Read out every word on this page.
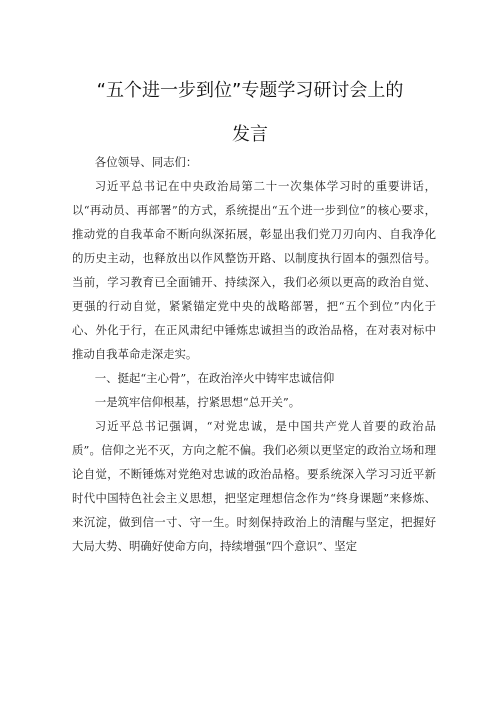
“五个进一步到位”专题学习研讨会上的
发言

各位领导、同志们：

习近平总书记在中央政治局第二十一次集体学习时的重要讲话，以“再动员、再部署”的方式，系统提出“五个进一步到位”的核心要求，推动党的自我革命不断向纵深拓展，彰显出我们党刀刃向内、自我净化的历史主动，也释放出以作风整饬开路、以制度执行固本的强烈信号。当前，学习教育已全面铺开、持续深入，我们必须以更高的政治自觉、更强的行动自觉，紧紧锚定党中央的战略部署，把“五个到位”内化于心、外化于行，在正风肃纪中锤炼忠诚担当的政治品格，在对表对标中推动自我革命走深走实。

一、挺起“主心骨”，在政治淬火中铸牢忠诚信仰

一是筑牢信仰根基，拧紧思想“总开关”。

习近平总书记强调，“对党忠诚，是中国共产党人首要的政治品质”。信仰之光不灭，方向之舵不偏。我们必须以更坚定的政治立场和理论自觉，不断锤炼对党绝对忠诚的政治品格。要系统深入学习习近平新时代中国特色社会主义思想，把坚定理想信念作为“终身课题”来修炼、来沉淀，做到信一寸、守一生。时刻保持政治上的清醒与坚定，把握好大局大势、明确好使命方向，持续增强“四个意识”、坚定
